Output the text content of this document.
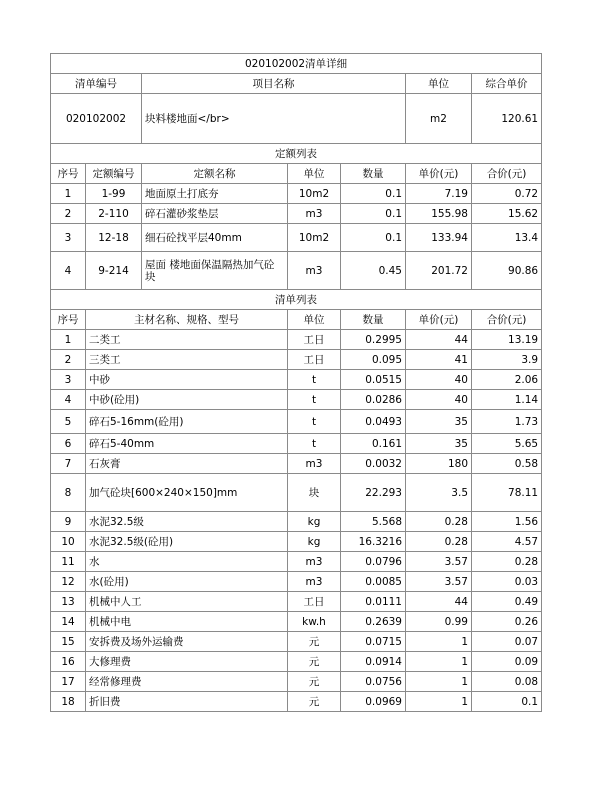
020102002清单详细						
清单编号		项目名称			单位	综合单价
020102002		块料楼地面</br>			m2	120.61
定额列表						
序号	定额编号	定额名称	单位	数量	单价(元)	合价(元)
1	1-99	地面原土打底夯	10m2	0.1	7.19	0.72
2	2-110	碎石灌砂浆垫层	m3	0.1	155.98	15.62
3	12-18	细石砼找平层40mm	10m2	0.1	133.94	13.4
4	9-214	屋面 楼地面保温隔热加气砼块	m3	0.45	201.72	90.86
清单列表						
序号	主材名称、规格、型号		单位	数量	单价(元)	合价(元)
1	二类工		工日	0.2995	44	13.19
2	三类工		工日	0.095	41	3.9
3	中砂		t	0.0515	40	2.06
4	中砂(砼用)		t	0.0286	40	1.14
5	碎石5-16mm(砼用)		t	0.0493	35	1.73
6	碎石5-40mm		t	0.161	35	5.65
7	石灰膏		m3	0.0032	180	0.58
8	加气砼块[600×240×150]mm		块	22.293	3.5	78.11
9	水泥32.5级		kg	5.568	0.28	1.56
10	水泥32.5级(砼用)		kg	16.3216	0.28	4.57
11	水		m3	0.0796	3.57	0.28
12	水(砼用)		m3	0.0085	3.57	0.03
13	机械中人工		工日	0.0111	44	0.49
14	机械中电		kw.h	0.2639	0.99	0.26
15	安拆费及场外运输费		元	0.0715	1	0.07
16	大修理费		元	0.0914	1	0.09
17	经常修理费		元	0.0756	1	0.08
18	折旧费		元	0.0969	1	0.1
